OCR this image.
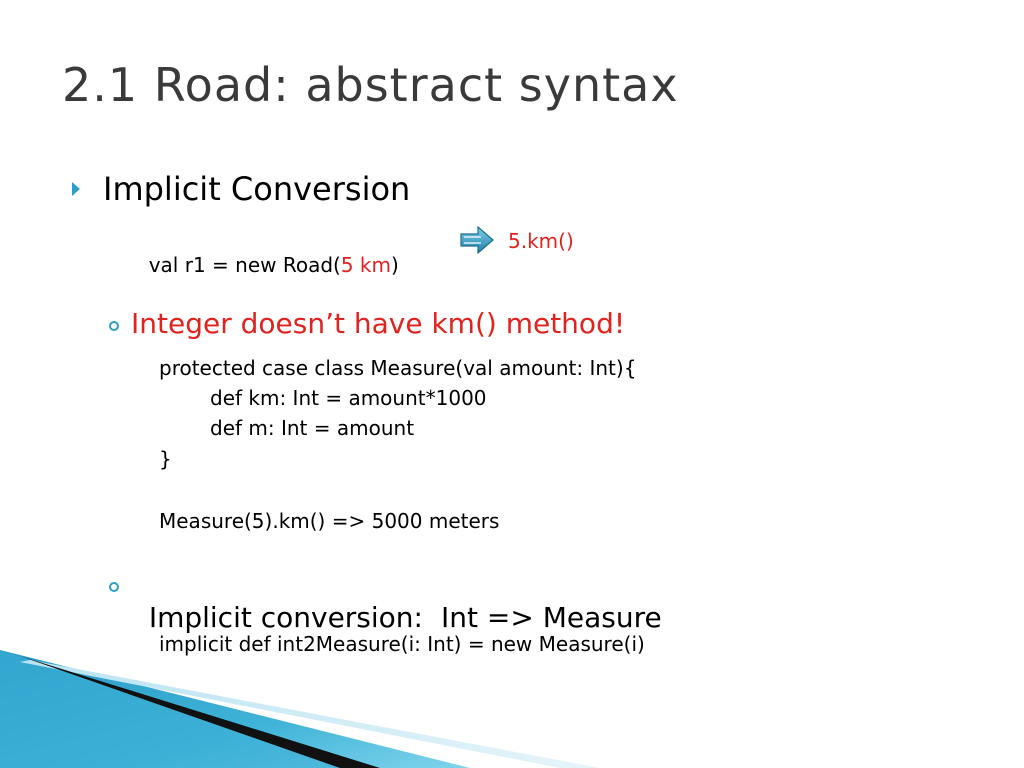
2.1 Road: abstract syntax
Implicit Conversion

val r1 = new Road(5 km)

5.km()
Integer doesn’t have km() method!
protected case class Measure(val amount: Int){
def km: Int = amount*1000
def m: Int = amount
}
Measure(5).km() => 5000 meters

Implicit conversion: Int => Measure

implicit def int2Measure(i: Int) = new Measure(i)
